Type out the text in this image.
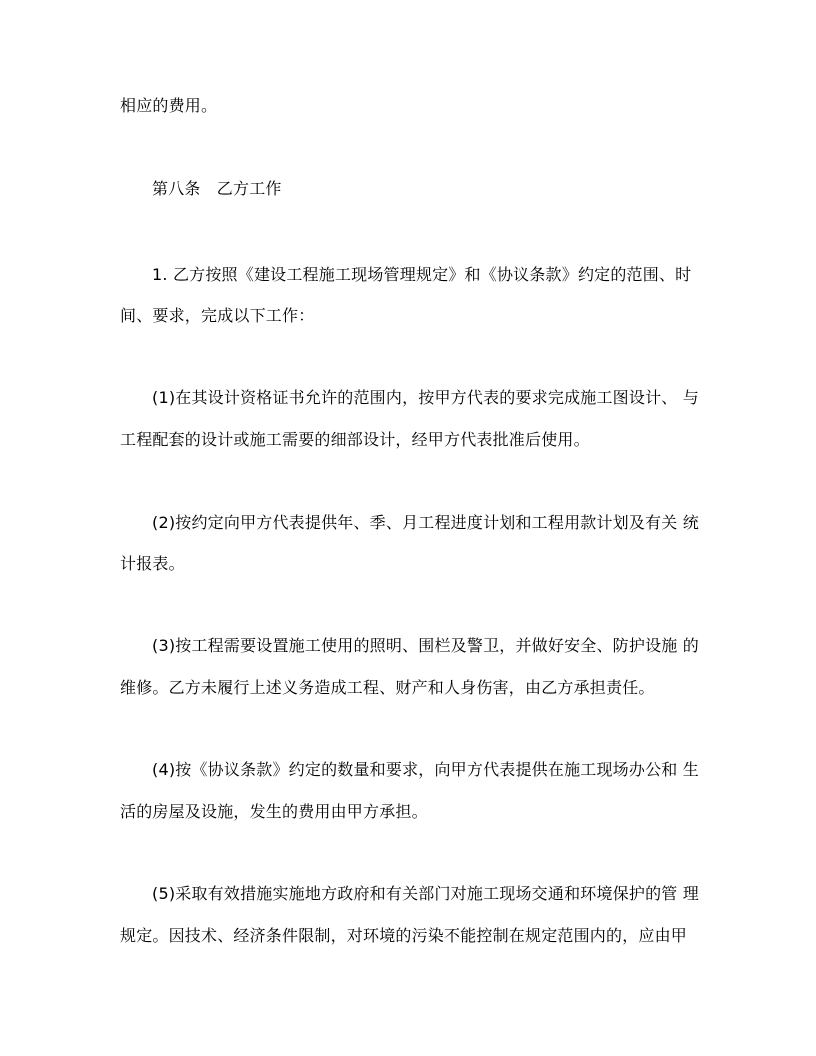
相应的费用。
第八条　乙方工作
1. 乙方按照《建设工程施工现场管理规定》和《协议条款》约定的范围、时
间、要求，完成以下工作：
(1)在其设计资格证书允许的范围内，按甲方代表的要求完成施工图设计、 与
工程配套的设计或施工需要的细部设计，经甲方代表批准后使用。
(2)按约定向甲方代表提供年、季、月工程进度计划和工程用款计划及有关 统
计报表。
(3)按工程需要设置施工使用的照明、围栏及警卫，并做好安全、防护设施 的
维修。乙方未履行上述义务造成工程、财产和人身伤害，由乙方承担责任。
(4)按《协议条款》约定的数量和要求，向甲方代表提供在施工现场办公和 生
活的房屋及设施，发生的费用由甲方承担。
(5)采取有效措施实施地方政府和有关部门对施工现场交通和环境保护的管 理
规定。因技术、经济条件限制，对环境的污染不能控制在规定范围内的，应由甲
